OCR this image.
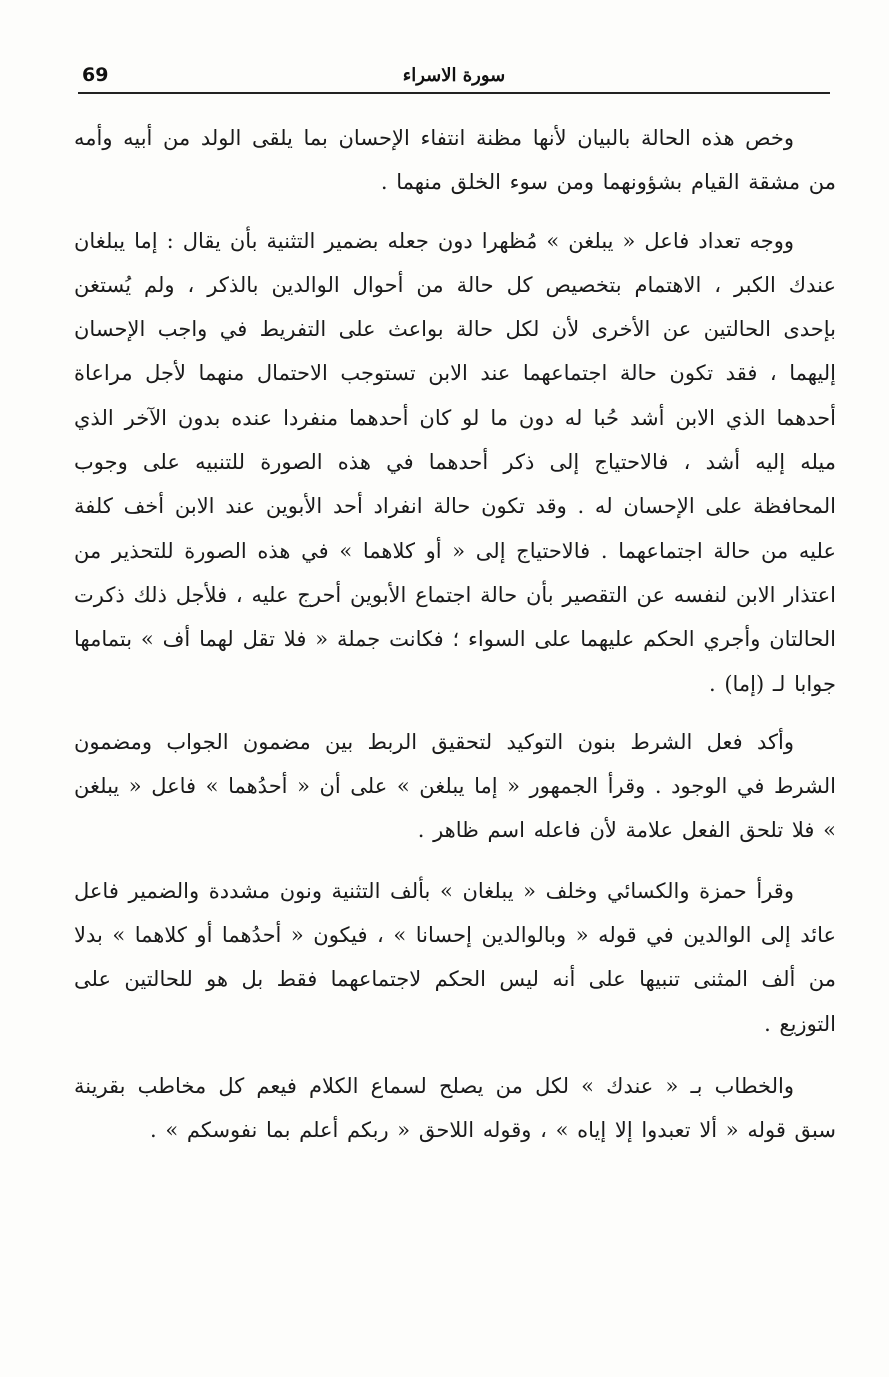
69	سورة الاسراء

وخص هذه الحالة بالبيان لأنها مظنة انتفاء الإحسان بما يلقى الولد من أبيه وأمه من مشقة القيام بشؤونهما ومن سوء الخلق منهما .

ووجه تعداد فاعل « يبلغن » مُظهرا دون جعله بضمير التثنية بأن يقال : إما يبلغان عندك الكبر ، الاهتمام بتخصيص كل حالة من أحوال الوالدين بالذكر ، ولم يُستغن بإحدى الحالتين عن الأخرى لأن لكل حالة بواعث على التفريط في واجب الإحسان إليهما ، فقد تكون حالة اجتماعهما عند الابن تستوجب الاحتمال منهما لأجل مراعاة أحدهما الذي الابن أشد حُبا له دون ما لو كان أحدهما منفردا عنده بدون الآخر الذي ميله إليه أشد ، فالاحتياج إلى ذكر أحدهما في هذه الصورة للتنبيه على وجوب المحافظة على الإحسان له . وقد تكون حالة انفراد أحد الأبوين عند الابن أخف كلفة عليه من حالة اجتماعهما . فالاحتياج إلى « أو كلاهما » في هذه الصورة للتحذير من اعتذار الابن لنفسه عن التقصير بأن حالة اجتماع الأبوين أحرج عليه ، فلأجل ذلك ذكرت الحالتان وأجري الحكم عليهما على السواء ؛ فكانت جملة « فلا تقل لهما أف » بتمامها جوابا لـ (إما) .

وأكد فعل الشرط بنون التوكيد لتحقيق الربط بين مضمون الجواب ومضمون الشرط في الوجود . وقرأ الجمهور « إما يبلغن » على أن « أحدُهما » فاعل « يبلغن » فلا تلحق الفعل علامة لأن فاعله اسم ظاهر .

وقرأ حمزة والكسائي وخلف « يبلغان » بألف التثنية ونون مشددة والضمير فاعل عائد إلى الوالدين في قوله « وبالوالدين إحسانا » ، فيكون « أحدُهما أو كلاهما » بدلا من ألف المثنى تنبيها على أنه ليس الحكم لاجتماعهما فقط بل هو للحالتين على التوزيع .

والخطاب بـ « عندك » لكل من يصلح لسماع الكلام فيعم كل مخاطب بقرينة سبق قوله « ألا تعبدوا إلا إياه » ، وقوله اللاحق « ربكم أعلم بما نفوسكم » .
